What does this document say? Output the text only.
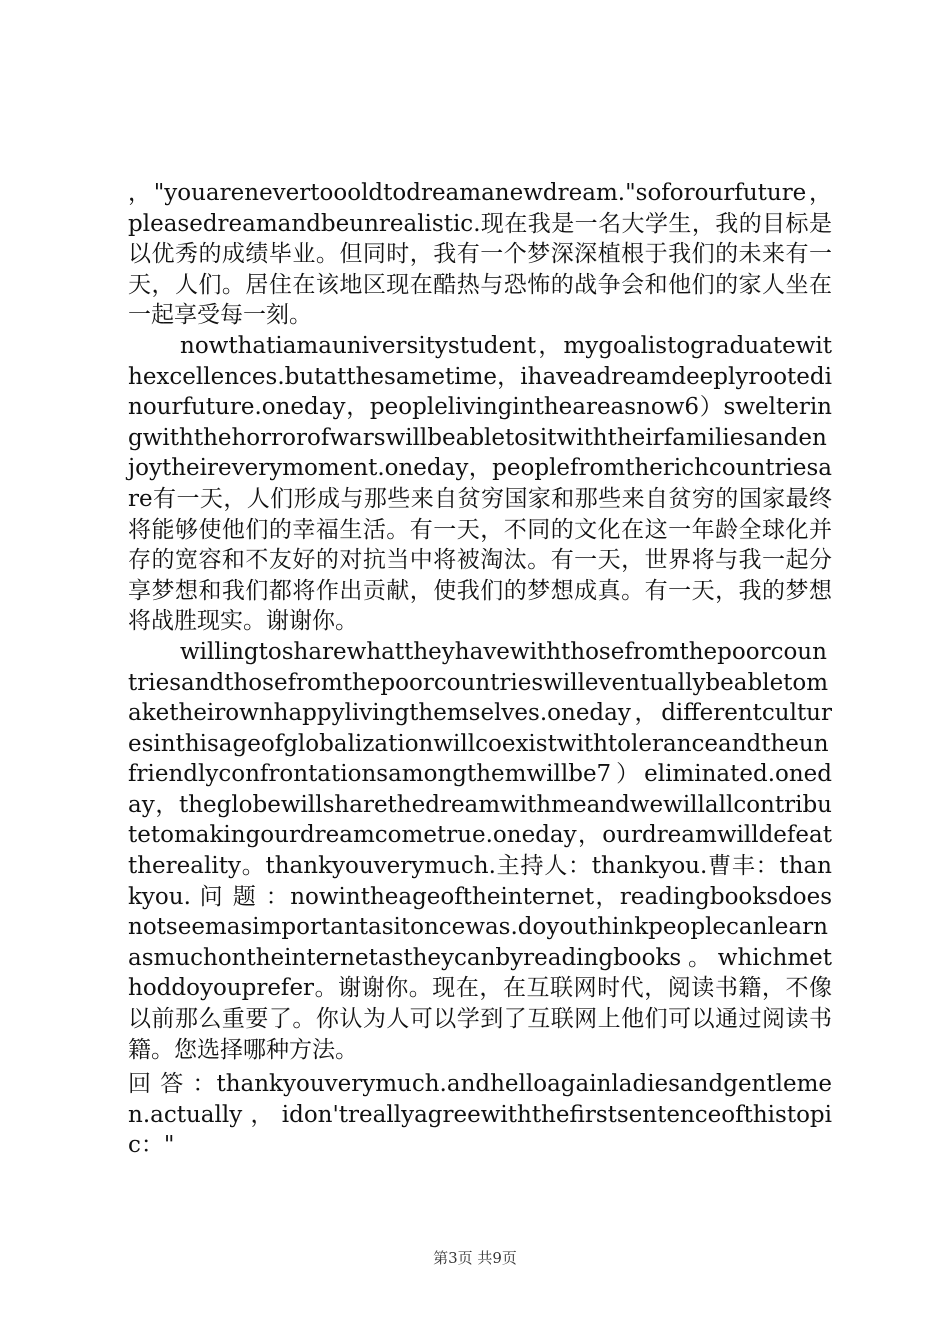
，"youarenevertoooldtodreamanewdream."soforourfuture，pleasedreamandbeunrealistic.现在我是一名大学生，我的目标是以优秀的成绩毕业。但同时，我有一个梦深深植根于我们的未来有一天，人们。居住在该地区现在酷热与恐怖的战争会和他们的家人坐在一起享受每一刻。

nowthatiamauniversitystudent，mygoalistograduatewithexcellences.butatthesametime，ihaveadreamdeeplyrootedinourfuture.oneday，peoplelivingintheareasnow6）swelteringwiththehorrorofwarswillbeabletositwiththeirfamiliesandenjoytheireverymoment.oneday，peoplefromtherichcountriesare有一天，人们形成与那些来自贫穷国家和那些来自贫穷的国家最终将能够使他们的幸福生活。有一天，不同的文化在这一年龄全球化并存的宽容和不友好的对抗当中将被淘汰。有一天，世界将与我一起分享梦想和我们都将作出贡献，使我们的梦想成真。有一天，我的梦想将战胜现实。谢谢你。

willingtosharewhattheyhavewiththosefromthepoorcountriesandthosefromthepoorcountrieswilleventuallybeabletomaketheirownhappylivingthemselves.oneday，differentculturesinthisageofglobalizationwillcoexistwithtoleranceandtheunfriendlyconfrontationsamongthemwillbe7）eliminated.oneday，theglobewillsharethedreamwithmeandwewillallcontributetomakingourdreamcometrue.oneday，ourdreamwilldefeatthereality。thankyouverymuch.主持人：thankyou.曹丰：thankyou. 问 题 ：nowintheageoftheinternet，readingbooksdoesnotseemasimportantasitoncewas.doyouthinkpeoplecanlearnasmuchontheinternetastheycanbyreadingbooks。whichmethoddoyouprefer。谢谢你。现在，在互联网时代，阅读书籍，不像以前那么重要了。你认为人可以学到了互联网上他们可以通过阅读书籍。您选择哪种方法。

回 答 ：thankyouverymuch.andhelloagainladiesandgentlemen.actually，idon'treallyagreewiththefirstsentenceofthistopic："

第3页 共9页
